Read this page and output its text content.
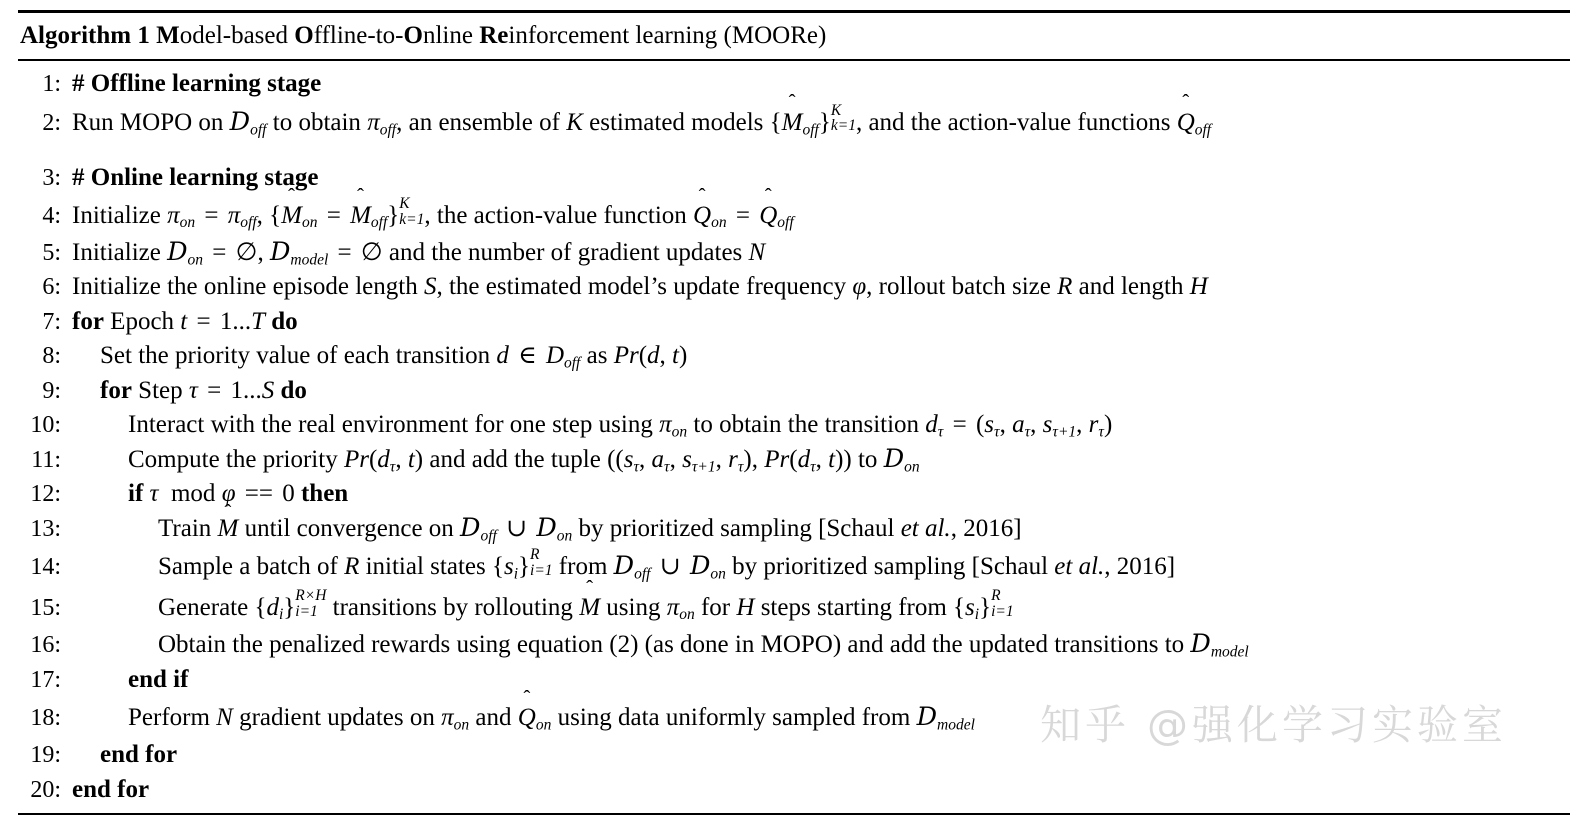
Algorithm 1 Model-based Offline-to-Online Reinforcement learning (MOORe)
1: # Offline learning stage
2: Run MOPO on $D_{off}$ to obtain $\pi_{off}$, an ensemble of K estimated models {M
$_{off}$} K
k=1 , and the action-value functions Q
$_{off}$
3: # Online learning stage
4: Initialize $\pi_{on} = \pi_{off}$, {M
$_{on}$ = M
$_{off}$} K
k=1 , the action-value function Q
$_{on}$ = Q
$_{off}$
5: Initialize $D_{on}$ = ∅, $D_{model}$ = ∅ and the number of gradient updates N
6: Initialize the online episode length S, the estimated model’s update frequency φ, rollout batch size R and length H
7: for Epoch t = 1...T do
8:	Set the priority value of each transition d ∈ $D_{off}$ as Pr(d, t)
9:	for Step τ = 1...S do
10:	Interact with the real environment for one step using $\pi_{on}$ to obtain the transition $d_\tau = (s_\tau$, $a_\tau$, $s_{\tau+1}$, $r_\tau$)
11:	Compute the priority $Pr(d_\tau$, t) and add the tuple (($s_\tau$, $a_\tau$, $s_{\tau+1}$, $r_\tau$), $Pr(d_\tau$, t)) to $D_{on}$
12:	if τ mod φ == 0 then
13:	Train M
until convergence on $D_{off}$ ∪ $D_{on}$ by prioritized sampling [Schaul et al., 2016]
14:	Sample a batch of R initial states $\{s_i\}$ R
i=1 from $D_{off}$ ∪ $D_{on}$ by prioritized sampling [Schaul et al., 2016]
15:	Generate $\{d_i\}$ R×H
i=1 transitions by rollouting M
using $\pi_{on}$ for H steps starting from $\{s_i\}$ R
i=1
16:	Obtain the penalized rewards using equation (2) (as done in MOPO) and add the updated transitions to $D_{model}$
17:	end if
18:	Perform N gradient updates on $\pi_{on}$ and Q
$_{on}$ using data uniformly sampled from $D_{model}$
19:	end for
20: end for
知乎 @强化学习实验室
